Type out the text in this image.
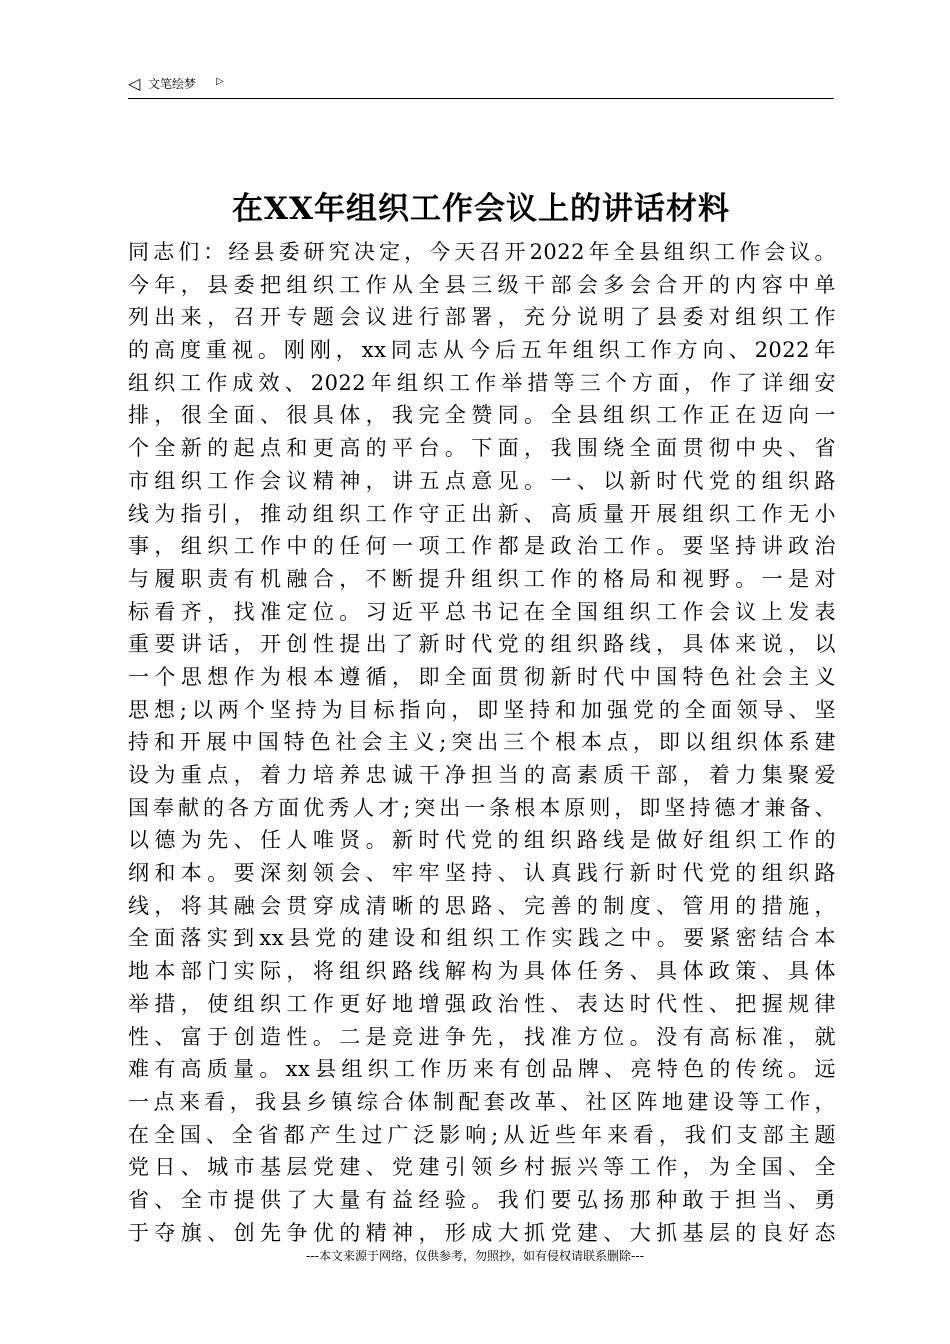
◁ 文笔绘梦 ▷
在XX年组织工作会议上的讲话材料
同志们：经县委研究决定，今天召开2022年全县组织工作会议。
今年，县委把组织工作从全县三级干部会多会合开的内容中单
列出来，召开专题会议进行部署，充分说明了县委对组织工作
的高度重视。刚刚，xx同志从今后五年组织工作方向、2022年
组织工作成效、2022年组织工作举措等三个方面，作了详细安
排，很全面、很具体，我完全赞同。全县组织工作正在迈向一
个全新的起点和更高的平台。下面，我围绕全面贯彻中央、省
市组织工作会议精神，讲五点意见。一、以新时代党的组织路
线为指引，推动组织工作守正出新、高质量开展组织工作无小
事，组织工作中的任何一项工作都是政治工作。要坚持讲政治
与履职责有机融合，不断提升组织工作的格局和视野。一是对
标看齐，找准定位。习近平总书记在全国组织工作会议上发表
重要讲话，开创性提出了新时代党的组织路线，具体来说，以
一个思想作为根本遵循，即全面贯彻新时代中国特色社会主义
思想;以两个坚持为目标指向，即坚持和加强党的全面领导、坚
持和开展中国特色社会主义;突出三个根本点，即以组织体系建
设为重点，着力培养忠诚干净担当的高素质干部，着力集聚爱
国奉献的各方面优秀人才;突出一条根本原则，即坚持德才兼备、
以德为先、任人唯贤。新时代党的组织路线是做好组织工作的
纲和本。要深刻领会、牢牢坚持、认真践行新时代党的组织路
线，将其融会贯穿成清晰的思路、完善的制度、管用的措施，
全面落实到xx县党的建设和组织工作实践之中。要紧密结合本
地本部门实际，将组织路线解构为具体任务、具体政策、具体
举措，使组织工作更好地增强政治性、表达时代性、把握规律
性、富于创造性。二是竞进争先，找准方位。没有高标准，就
难有高质量。xx县组织工作历来有创品牌、亮特色的传统。远
一点来看，我县乡镇综合体制配套改革、社区阵地建设等工作，
在全国、全省都产生过广泛影响;从近些年来看，我们支部主题
党日、城市基层党建、党建引领乡村振兴等工作，为全国、全
省、全市提供了大量有益经验。我们要弘扬那种敢于担当、勇
于夺旗、创先争优的精神，形成大抓党建、大抓基层的良好态
---本文来源于网络，仅供参考，勿照抄，如有侵权请联系删除---
